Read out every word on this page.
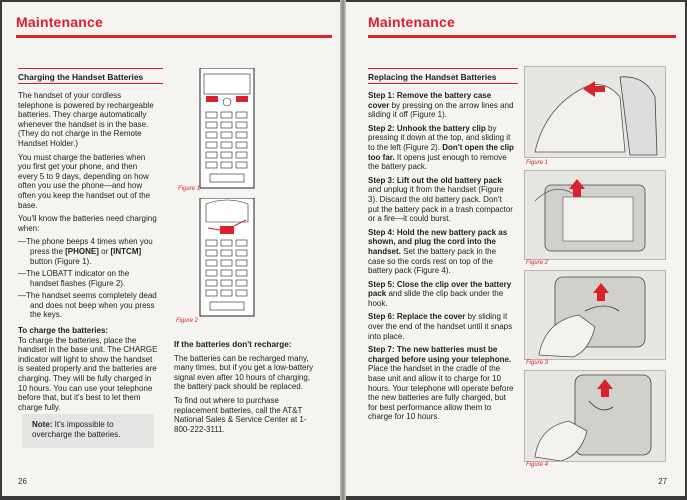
Maintenance

Charging the Handset Batteries

The handset of your cordless telephone is powered by rechargeable batteries. They charge automatically whenever the handset is in the base. (They do not charge in the Remote Handset Holder.)

You must charge the batteries when you first get your phone, and then every 5 to 9 days, depending on how often you use the phone—and how often you keep the handset out of the base.

You'll know the batteries need charging when:

—The phone beeps 4 times when you press the [PHONE] or [INTCM] button (Figure 1).
—The LOBATT indicator on the handset flashes (Figure 2).
—The handset seems completely dead and does not beep when you press the keys.

To charge the batteries:
To charge the batteries, place the handset in the base unit. The CHARGE indicator will light to show the handset is seated properly and the batteries are charging. They will be fully charged in 10 hours. You can use your telephone before that, but it's best to let them charge fully.

Note: It's impossible to overcharge the batteries.
Figure 1
Figure 2

If the batteries don't recharge:

The batteries can be recharged many, many times, but if you get a low-battery signal even after 10 hours of charging, the battery pack should be replaced.

To find out where to purchase replacement batteries, call the AT&T National Sales & Service Center at 1-800-222-3111.

26
Maintenance

Replacing the Handset Batteries

Step 1: Remove the battery case cover by pressing on the arrow lines and sliding it off (Figure 1).

Step 2: Unhook the battery clip by pressing it down at the top, and sliding it to the left (Figure 2). Don't open the clip too far. It opens just enough to remove the battery pack.

Step 3: Lift out the old battery pack and unplug it from the handset (Figure 3). Discard the old battery pack. Don't put the battery pack in a trash compactor or a fire—it could burst.

Step 4: Hold the new battery pack as shown, and plug the cord into the handset. Set the battery pack in the case so the cords rest on top of the battery pack (Figure 4).

Step 5: Close the clip over the battery pack and slide the clip back under the hook.

Step 6: Replace the cover by sliding it over the end of the handset until it snaps into place.

Step 7: The new batteries must be charged before using your telephone. Place the handset in the cradle of the base unit and allow it to charge for 10 hours. Your telephone will operate before the new batteries are fully charged, but for best performance allow them to charge for 10 hours.

Figure 1
Figure 2
Figure 3
Figure 4
27
